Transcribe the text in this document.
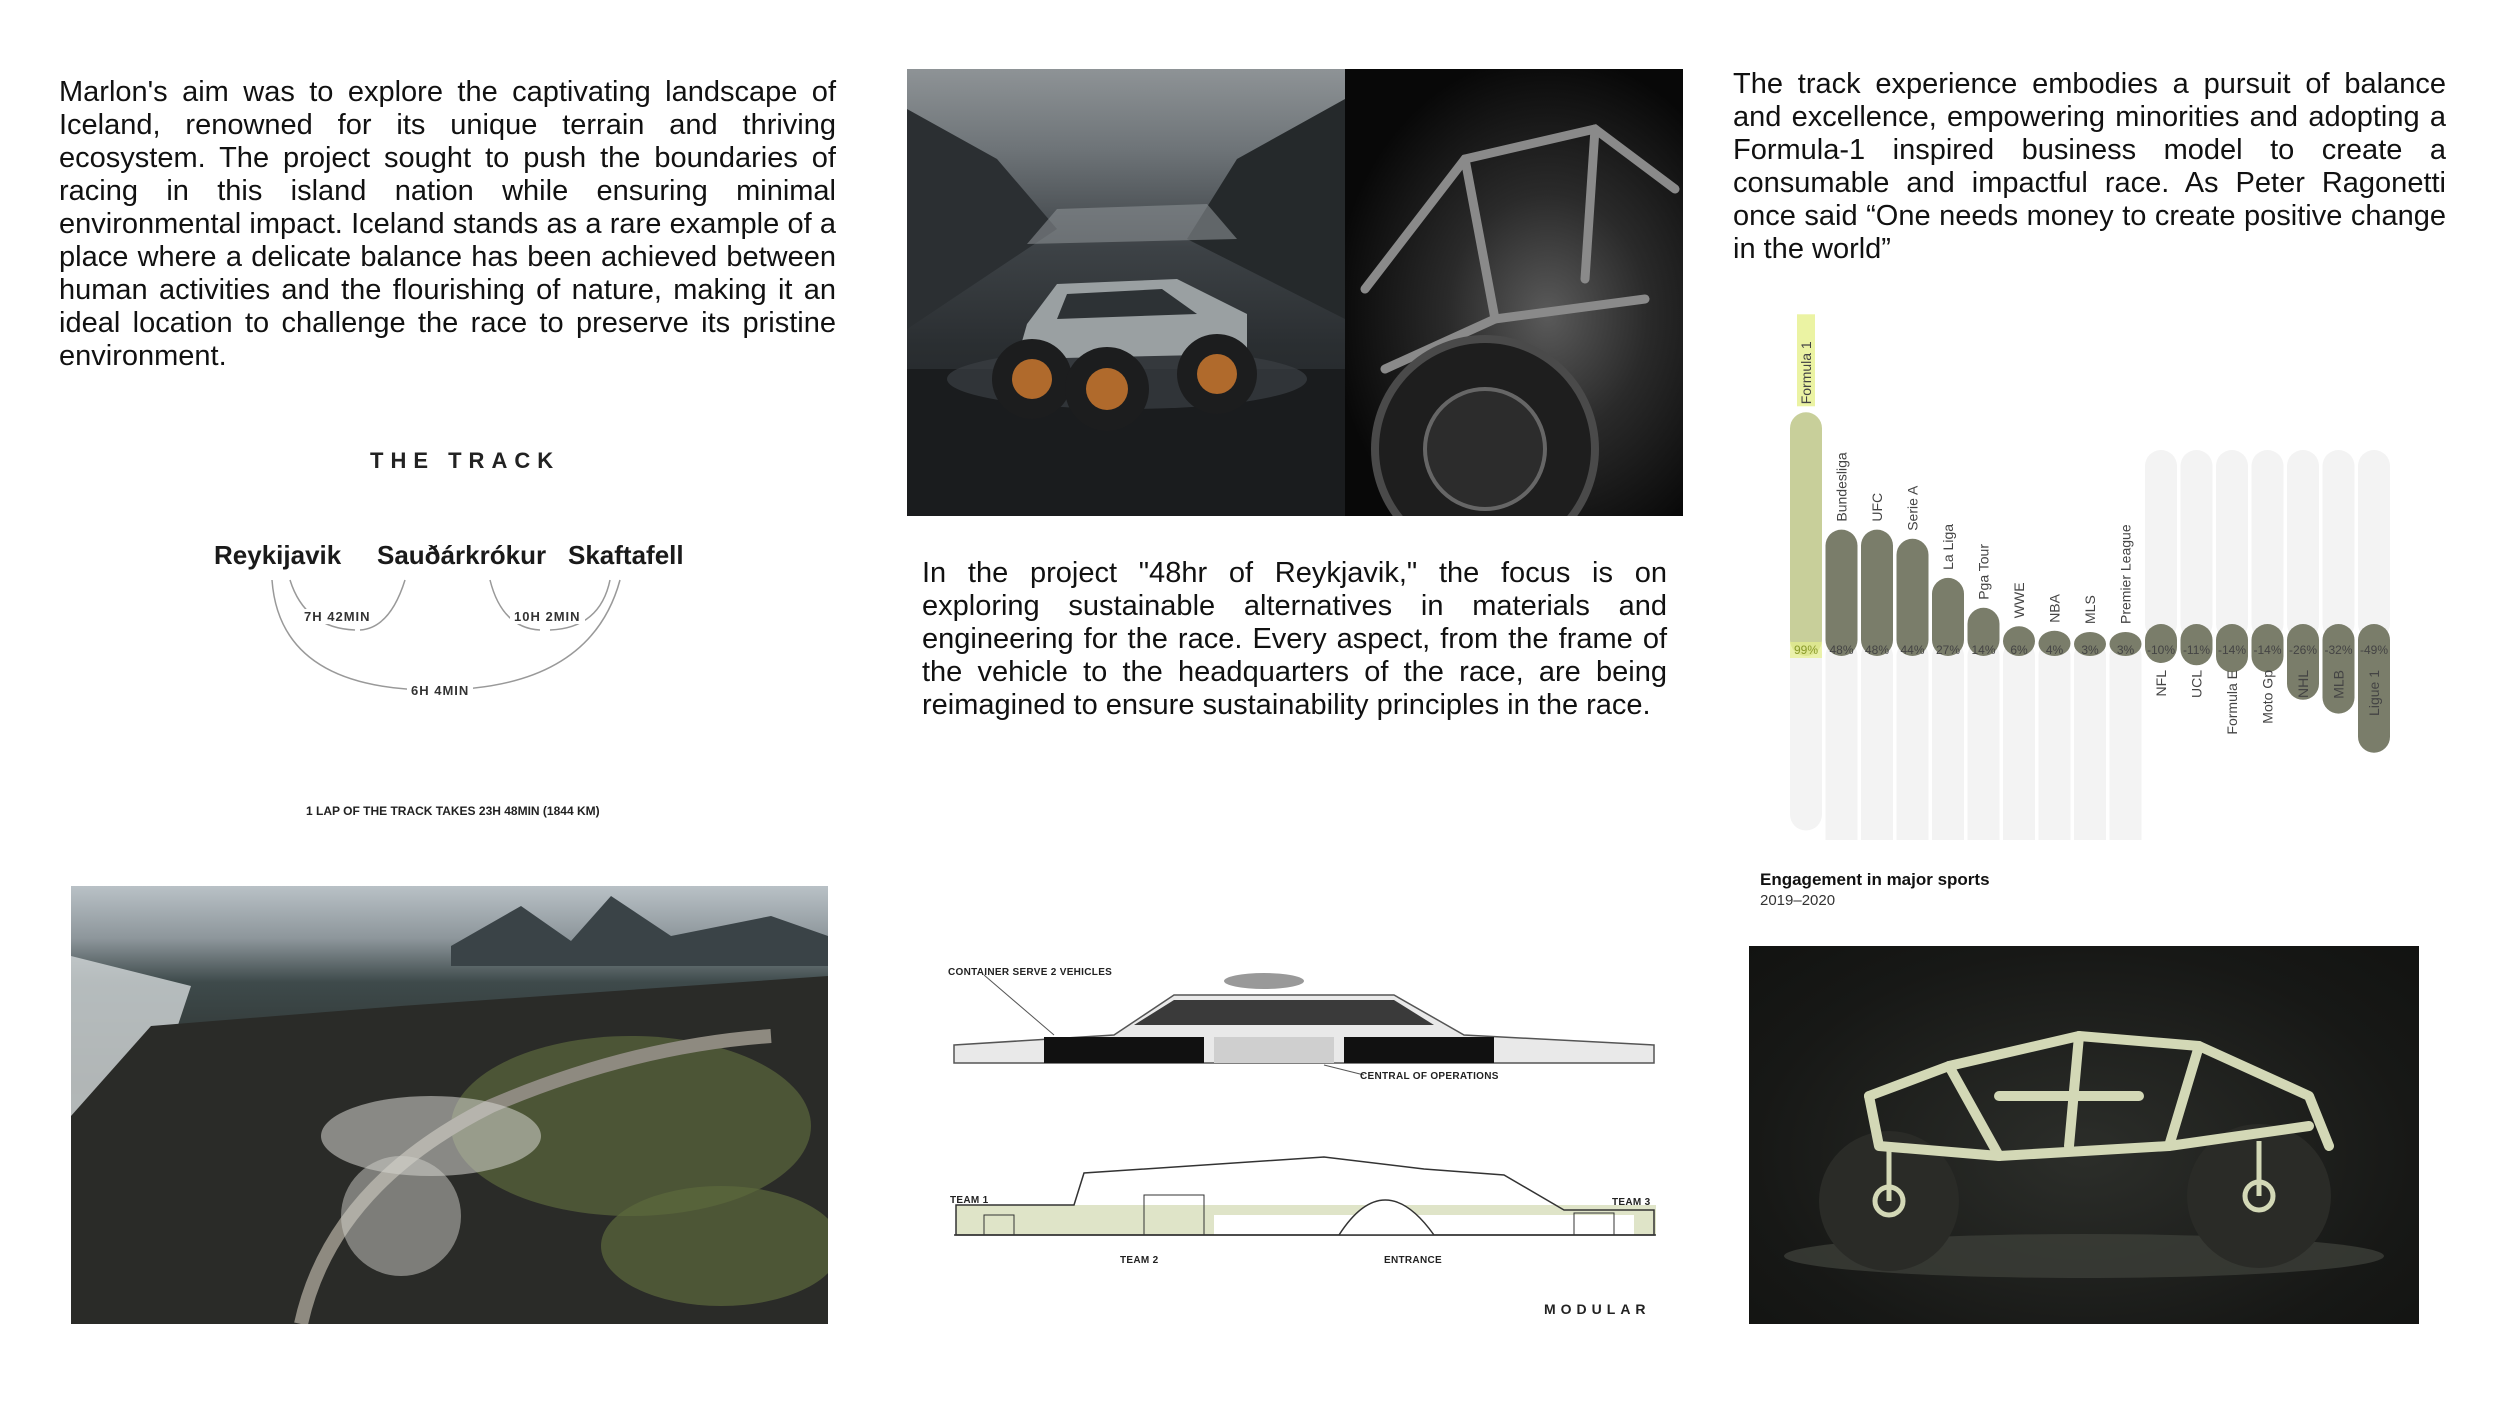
Marlon's aim was to explore the captivating landscape of Iceland, renowned for its unique terrain and thriving ecosystem. The project sought to push the boundaries of racing in this island nation while ensuring minimal environmental impact. Iceland stands as a rare example of a place where a delicate balance has been achieved between human activities and the flourishing of nature, making it an ideal location to challenge the race to preserve its pristine environment.

In the project "48hr of Reykjavik," the focus is on exploring sustainable alternatives in materials and engineering for the race. Every aspect, from the frame of the vehicle to the headquarters of the race, are being reimagined to ensure sustainability principles in the race.

The track experience embodies a pursuit of balance and excellence, empowering minorities and adopting a Formula-1 inspired business model to create a consumable and impactful race. As Peter Ragonetti once said “One needs money to create positive change in the world”

THE TRACK
Reykijavik Sauðárkrókur Skaftafell
7H 42MIN	10H 2MIN
6H 4MIN
1 LAP OF THE TRACK TAKES 23H 48MIN (1844 KM)
CONTAINER SERVE 2 VEHICLES
CENTRAL OF OPERATIONS
TEAM 1
TEAM 2
TEAM 3
ENTRANCE
MODULAR
99%
Formula 1
48%
Bundesliga
48%
UFC
44%
Serie A
27%
La Liga
14%
Pga Tour
6%
WWE
4%
NBA
3%
MLS
3%
Premier League
-10%
NFL
-11%
UCL
-14%
Formula E
-14%
Moto Gp
-26%
NHL
-32%
MLB
-49%
Ligue 1
Engagement in major sports
2019–2020
